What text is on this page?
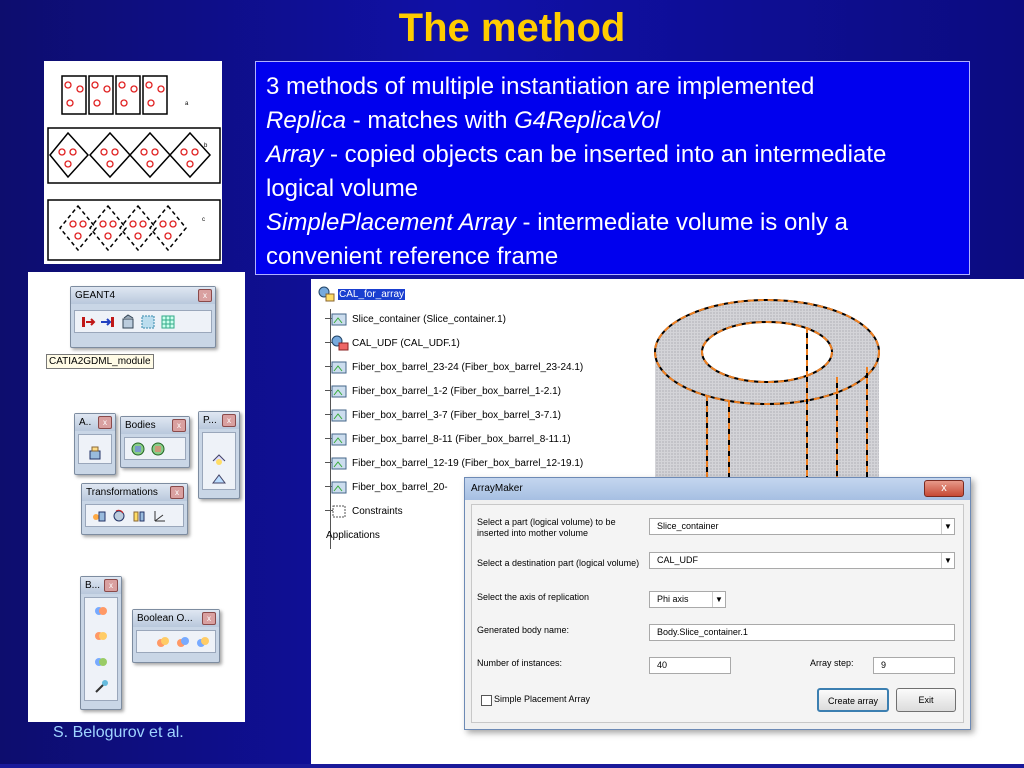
The method
a
b
c

3 methods of multiple instantiation are implemented

Replica - matches with G4ReplicaVol

Array - copied objects can be inserted into an intermediate logical volume

SimplePlacement Array - intermediate volume is only a convenient reference frame

GEANT4	x
CATIA2GDML_module
A..	x	Bodies	x	P...	x
Transformations	x
B...	x
Boolean O...	x
S. Belogurov et al.
CAL_for_array
Slice_container (Slice_container.1)
CAL_UDF (CAL_UDF.1)
Fiber_box_barrel_23-24 (Fiber_box_barrel_23-24.1)
Fiber_box_barrel_1-2 (Fiber_box_barrel_1-2.1)
Fiber_box_barrel_3-7 (Fiber_box_barrel_3-7.1)
Fiber_box_barrel_8-11 (Fiber_box_barrel_8-11.1)
Fiber_box_barrel_12-19 (Fiber_box_barrel_12-19.1)
Fiber_box_barrel_20-
Constraints
Applications
ArrayMaker	x
Select a part (logical volume) to be inserted into mother volume
Slice_container	▼
Select a destination part (logical volume)	CAL_UDF	▼
Select the axis of replication	Phi axis	▼
Generated body name:	Body.Slice_container.1
Number of instances:	40	Array step:	9
Simple Placement Array	Create array	Exit
